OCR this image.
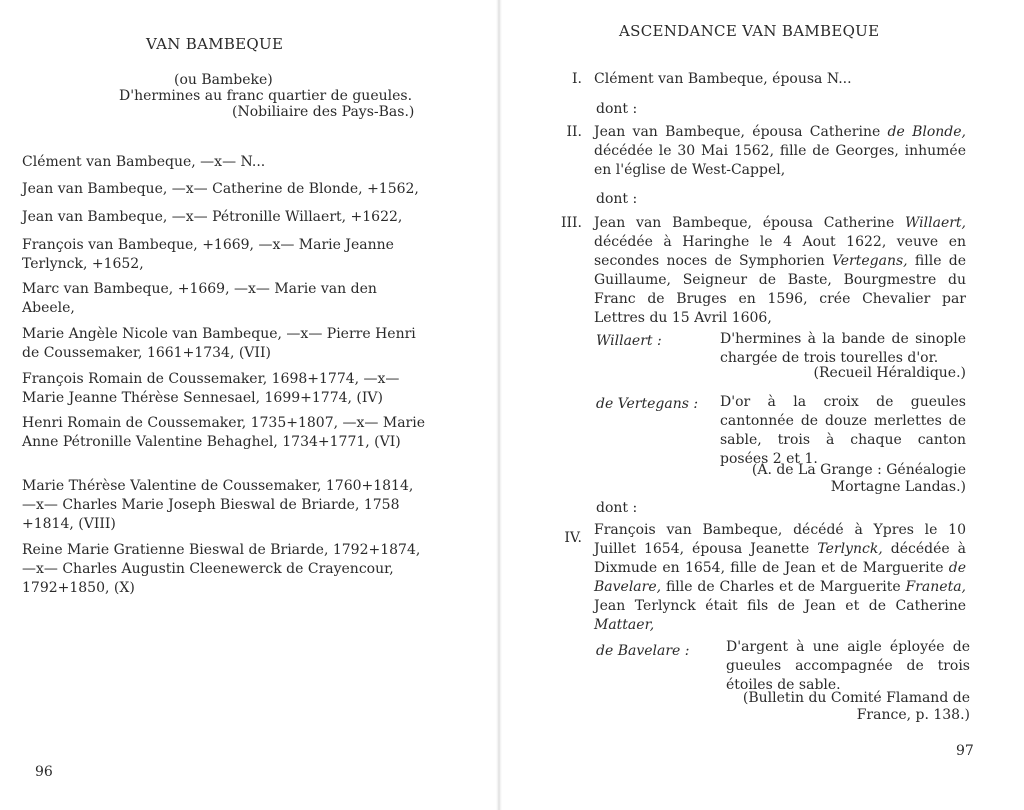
VAN BAMBEQUE
(ou Bambeke)
D'hermines au franc quartier de gueules.
(Nobiliaire des Pays-Bas.)
Clément van Bambeque, —x— N...
Jean van Bambeque, —x— Catherine de Blonde, +1562,
Jean van Bambeque, —x— Pétronille Willaert, +1622,
François van Bambeque, +1669, —x— Marie Jeanne Terlynck, +1652,
Marc van Bambeque, +1669, —x— Marie van den Abeele,
Marie Angèle Nicole van Bambeque, —x— Pierre Henri de Coussemaker, 1661+1734, (VII)
François Romain de Coussemaker, 1698+1774, —x— Marie Jeanne Thérèse Sennesael, 1699+1774, (IV)
Henri Romain de Coussemaker, 1735+1807, —x— Marie Anne Pétronille Valentine Behaghel, 1734+1771, (VI)
Marie Thérèse Valentine de Coussemaker, 1760+1814, —x— Charles Marie Joseph Bieswal de Briarde, 1758 +1814, (VIII)
Reine Marie Gratienne Bieswal de Briarde, 1792+1874, —x— Charles Augustin Cleenewerck de Crayencour, 1792+1850, (X)
96
ASCENDANCE VAN BAMBEQUE
I. Clément van Bambeque, épousa N...
dont :
II. Jean van Bambeque, épousa Catherine de Blonde, décédée le 30 Mai 1562, fille de Georges, inhumée en l'église de West-Cappel,
dont :
III. Jean van Bambeque, épousa Catherine Willaert, décédée à Haringhe le 4 Aout 1622, veuve en secondes noces de Symphorien Vertegans, fille de Guillaume, Seigneur de Baste, Bourgmestre du Franc de Bruges en 1596, crée Chevalier par Lettres du 15 Avril 1606,
Willaert :	D'hermines à la bande de sinople chargée de trois tourelles d'or.
(Recueil Héraldique.)
de Vertegans : D'or à la croix de gueules cantonnée de douze merlettes de sable, trois à chaque canton posées 2 et 1.
(A. de La Grange : Généalogie
Mortagne Landas.)
dont :
IV. François van Bambeque, décédé à Ypres le 10 Juillet 1654, épousa Jeanette Terlynck, décédée à Dixmude en 1654, fille de Jean et de Marguerite de Bavelare, fille de Charles et de Marguerite Franeta, Jean Terlynck était fils de Jean et de Catherine Mattaer,
de Bavelare :	D'argent à une aigle éployée de gueules accompagnée de trois étoiles de sable.
(Bulletin du Comité Flamand de
France, p. 138.)
97
